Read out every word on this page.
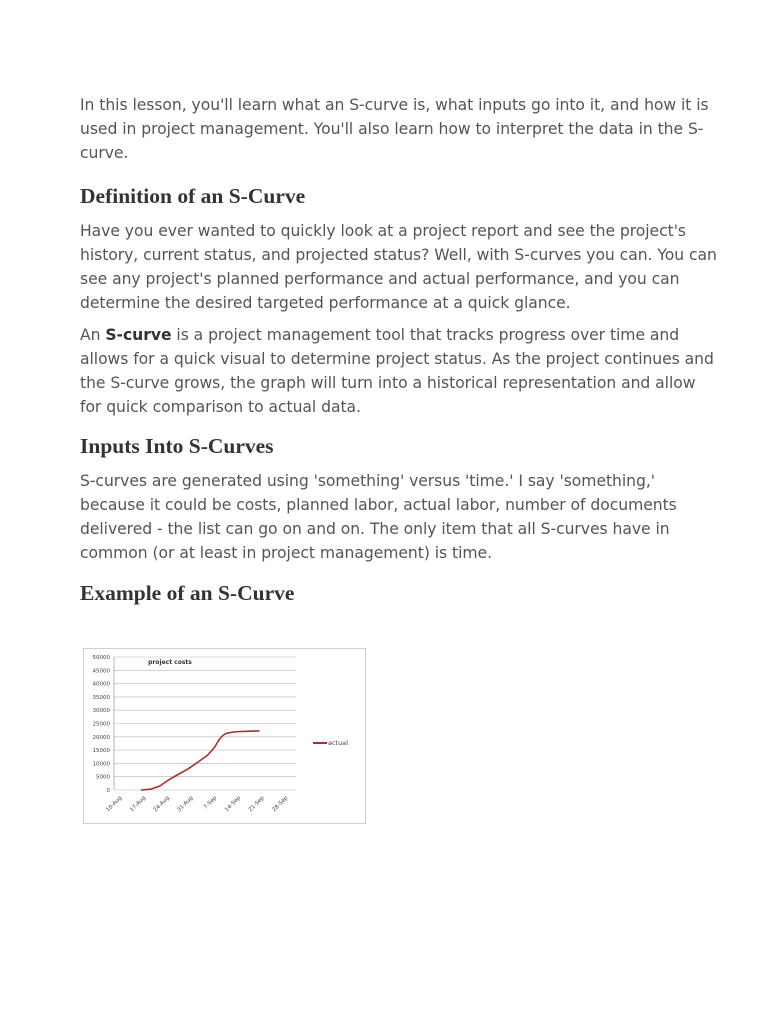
In this lesson, you'll learn what an S-curve is, what inputs go into it, and how it is used in project management. You'll also learn how to interpret the data in the S-curve.

Definition of an S-Curve

Have you ever wanted to quickly look at a project report and see the project's history, current status, and projected status? Well, with S-curves you can. You can see any project's planned performance and actual performance, and you can determine the desired targeted performance at a quick glance.

An S-curve is a project management tool that tracks progress over time and allows for a quick visual to determine project status. As the project continues and the S-curve grows, the graph will turn into a historical representation and allow for quick comparison to actual data.

Inputs Into S-Curves

S-curves are generated using 'something' versus 'time.' I say 'something,' because it could be costs, planned labor, actual labor, number of documents delivered - the list can go on and on. The only item that all S-curves have in common (or at least in project management) is time.

Example of an S-Curve
0
5000
10000
15000
20000
25000
30000
35000
40000
45000
50000
10-Aug 17-Aug 24-Aug 31-Aug 7-Sep 14-Sep 21-Sep 28-Sep
project costs
actual
